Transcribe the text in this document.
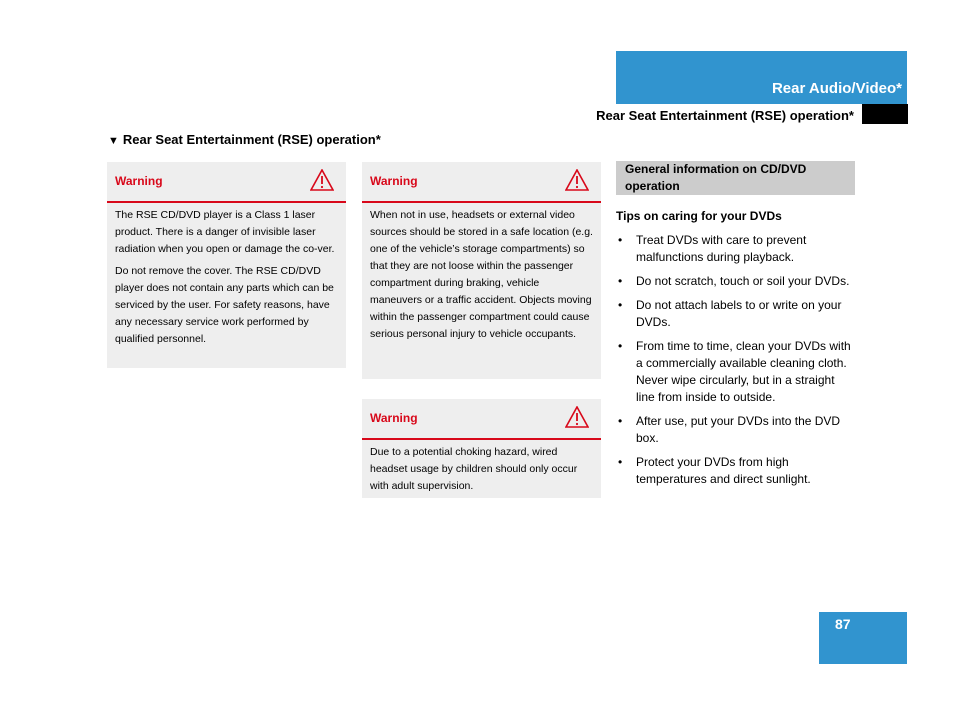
Rear Audio/Video*
Rear Seat Entertainment (RSE) operation*
▼ Rear Seat Entertainment (RSE) operation*
Warning

The RSE CD/DVD player is a Class 1 laser product. There is a danger of invisible laser radiation when you open or damage the co-ver.

Do not remove the cover. The RSE CD/DVD player does not contain any parts which can be serviced by the user. For safety reasons, have any necessary service work performed by qualified personnel.

Warning

When not in use, headsets or external video sources should be stored in a safe location (e.g. one of the vehicle’s storage compartments) so that they are not loose within the passenger compartment during braking, vehicle maneuvers or a traffic accident. Objects moving within the passenger compartment could cause serious personal injury to vehicle occupants.

Warning

Due to a potential choking hazard, wired headset usage by children should only occur with adult supervision.

General information on CD/DVD operation
Tips on caring for your DVDs
• Treat DVDs with care to prevent malfunctions during playback.
• Do not scratch, touch or soil your DVDs.
• Do not attach labels to or write on your DVDs.
• From time to time, clean your DVDs with a commercially available cleaning cloth. Never wipe circularly, but in a straight line from inside to outside.
• After use, put your DVDs into the DVD box.
• Protect your DVDs from high temperatures and direct sunlight.
87
